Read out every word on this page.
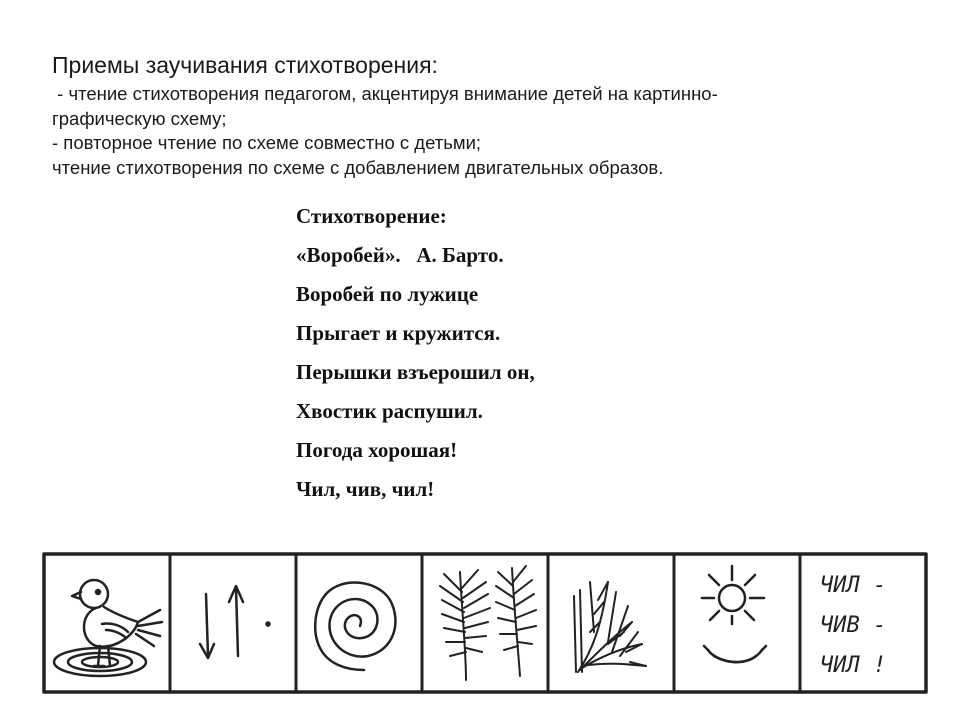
Приемы заучивания стихотворения:

- чтение стихотворения педагогом, акцентируя внимание детей на картинно-

графическую схему;

- повторное чтение по схеме совместно с детьми;

чтение стихотворения по схеме с добавлением двигательных образов.

Стихотворение:

«Воробей».   А. Барто.

Воробей по лужице

Прыгает и кружится.

Перышки взъерошил он,

Хвостик распушил.

Погода хорошая!

Чил, чив, чил!

ЧИЛ -
ЧИВ -
ЧИЛ !
